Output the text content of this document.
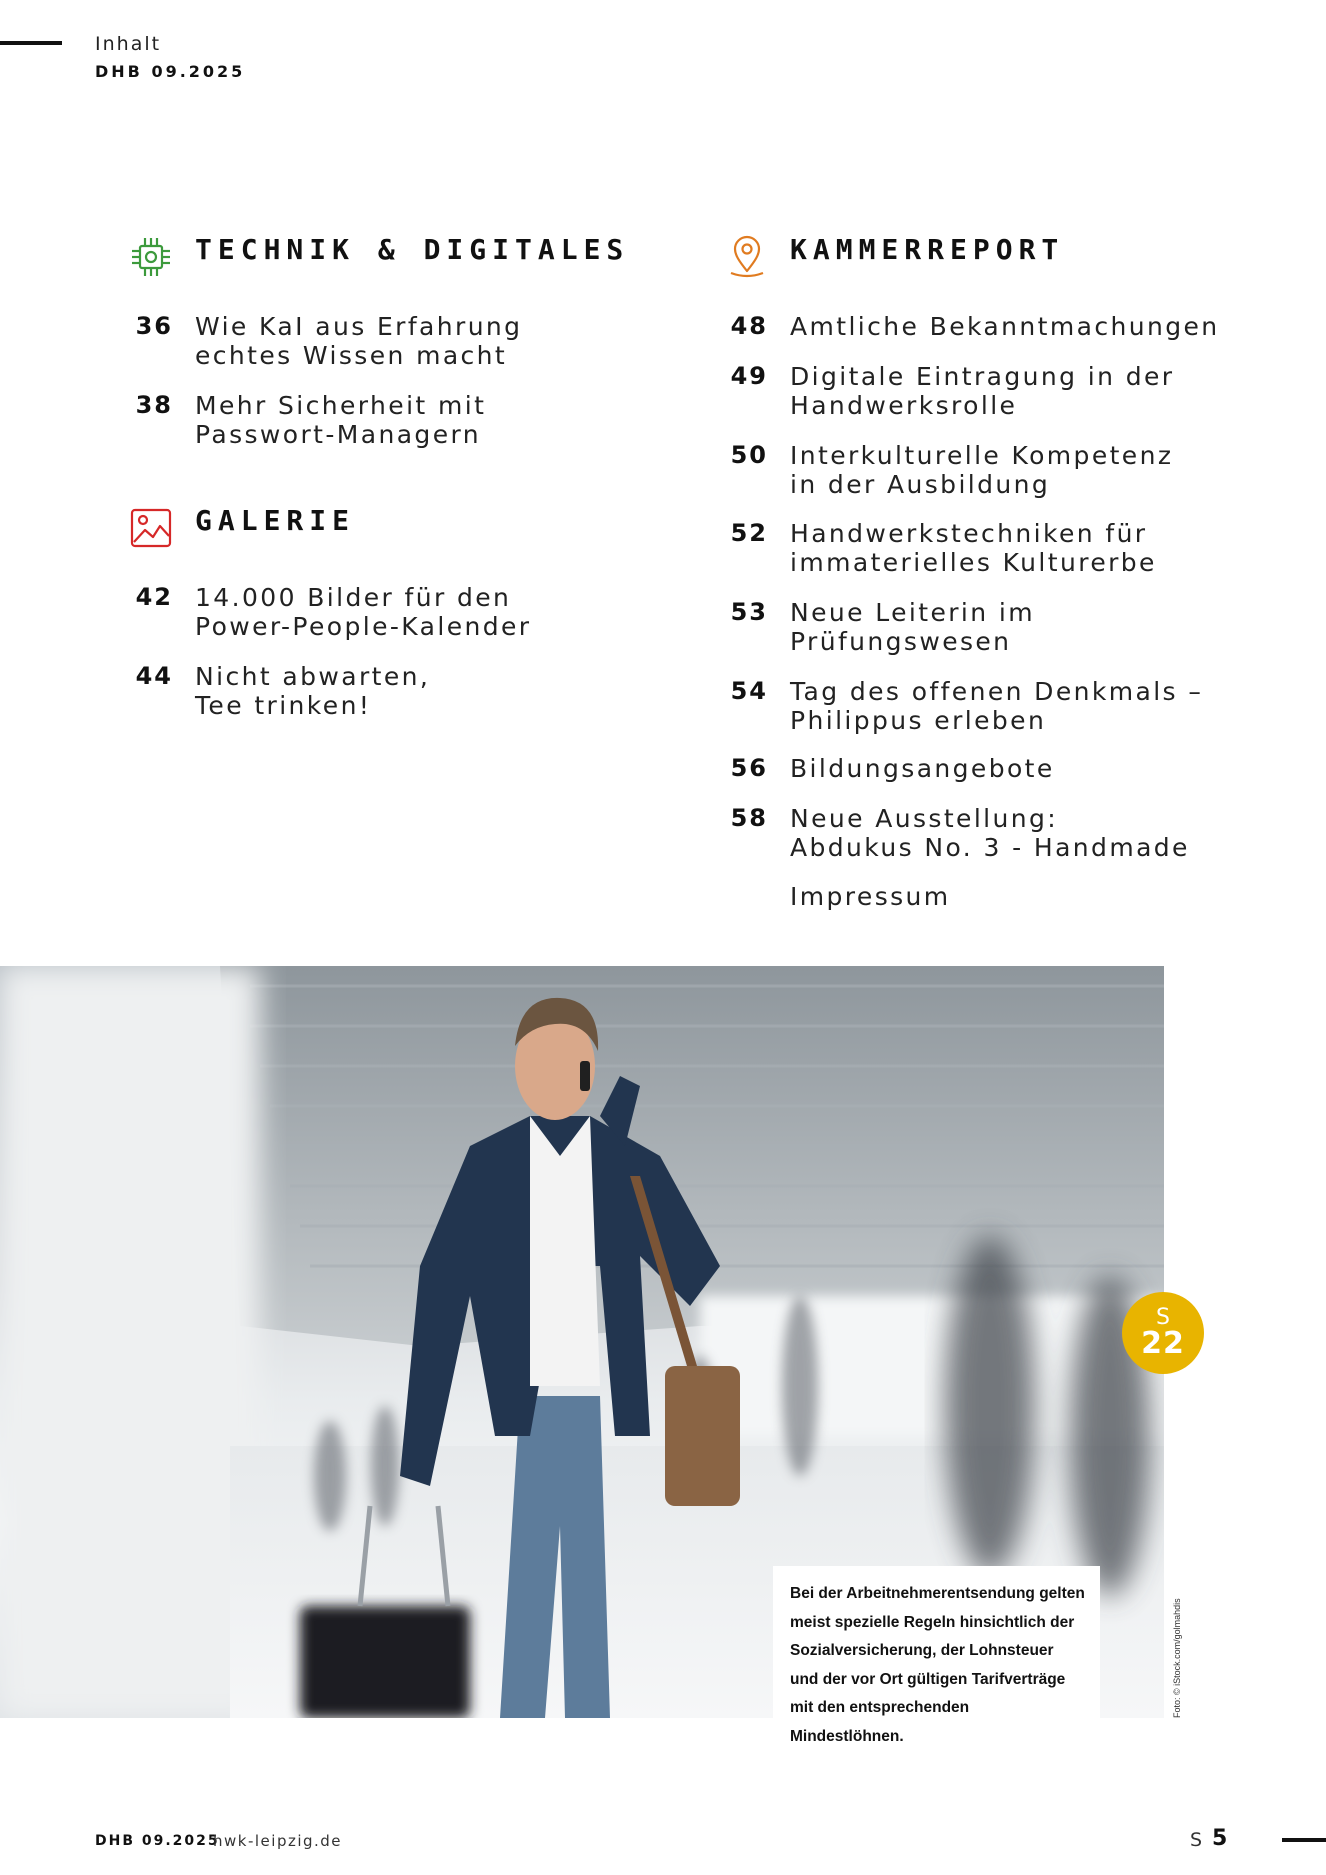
Inhalt
DHB 09.2025
TECHNIK & DIGITALES
36 Wie KaI aus Erfahrung
echtes Wissen macht
38 Mehr Sicherheit mit
Passwort-Managern
GALERIE
42 14.000 Bilder für den
Power-People-Kalender
44 Nicht abwarten,
Tee trinken!
KAMMERREPORT
48 Amtliche Bekanntmachungen
49 Digitale Eintragung in der
Handwerksrolle
50 Interkulturelle Kompetenz
in der Ausbildung
52 Handwerkstechniken für
immaterielles Kulturerbe
53 Neue Leiterin im
Prüfungswesen
54 Tag des offenen Denkmals –
Philippus erleben
56 Bildungsangebote
58 Neue Ausstellung:
Abdukus No. 3 - Handmade
Impressum
S
22
Bei der Arbeitnehmerentsendung gelten meist spezielle Regeln hinsichtlich der Sozialversicherung, der Lohnsteuer und der vor Ort gültigen Tarifverträge mit den entsprechenden Mindestlöhnen.
Foto: © iStock.com/golmahdis
DHB 09.2025
hwk-leipzig.de	S 5
